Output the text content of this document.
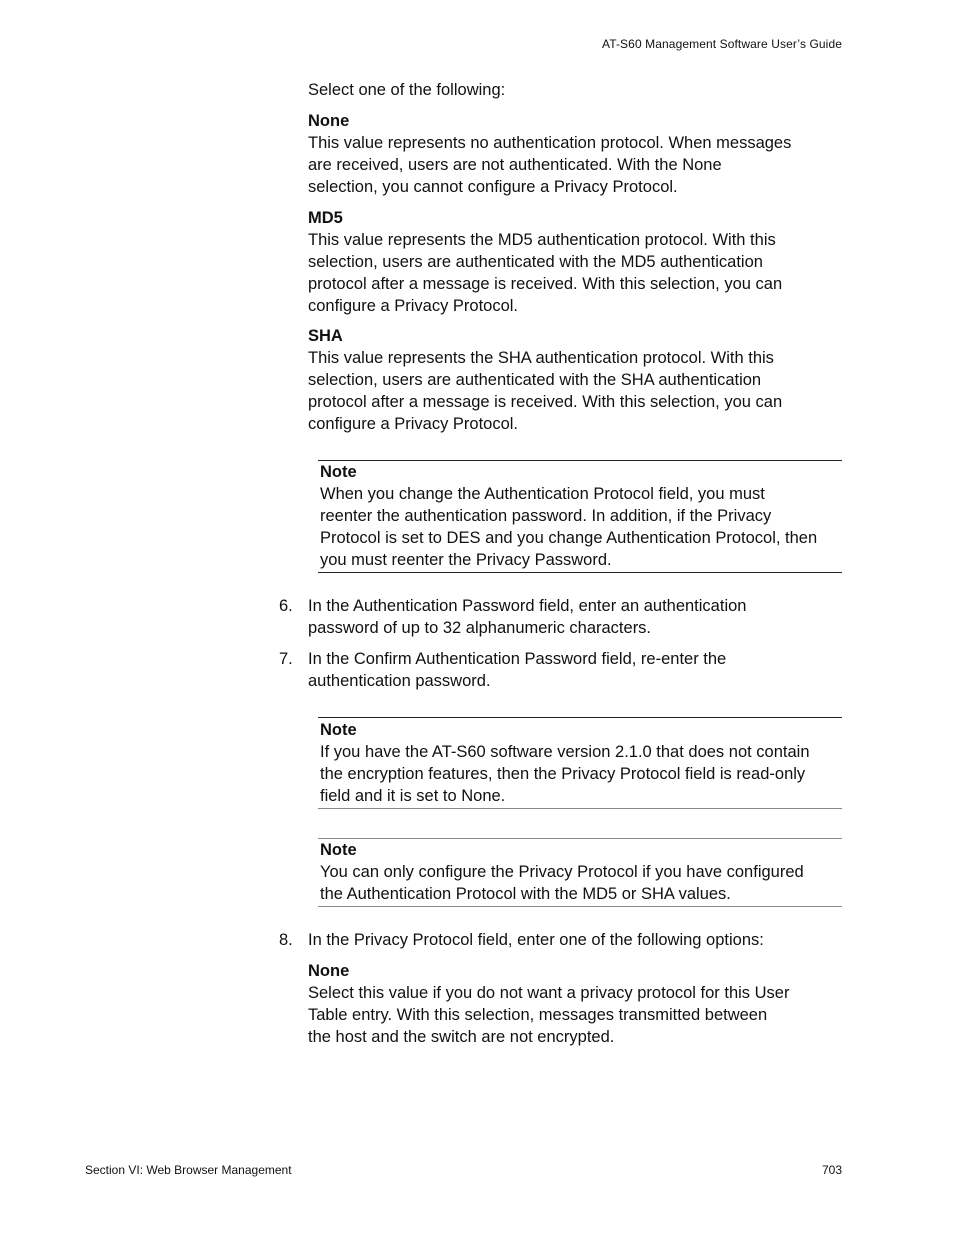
AT-S60 Management Software User’s Guide
Select one of the following:
None
This value represents no authentication protocol. When messages
are received, users are not authenticated. With the None
selection, you cannot configure a Privacy Protocol.
MD5
This value represents the MD5 authentication protocol. With this
selection, users are authenticated with the MD5 authentication
protocol after a message is received. With this selection, you can
configure a Privacy Protocol.
SHA
This value represents the SHA authentication protocol. With this
selection, users are authenticated with the SHA authentication
protocol after a message is received. With this selection, you can
configure a Privacy Protocol.
Note
When you change the Authentication Protocol field, you must
reenter the authentication password. In addition, if the Privacy
Protocol is set to DES and you change Authentication Protocol, then
you must reenter the Privacy Password.
6. In the Authentication Password field, enter an authentication
password of up to 32 alphanumeric characters.
7. In the Confirm Authentication Password field, re-enter the
authentication password.
Note
If you have the AT-S60 software version 2.1.0 that does not contain
the encryption features, then the Privacy Protocol field is read-only
field and it is set to None.
Note
You can only configure the Privacy Protocol if you have configured
the Authentication Protocol with the MD5 or SHA values.
8. In the Privacy Protocol field, enter one of the following options:
None
Select this value if you do not want a privacy protocol for this User
Table entry. With this selection, messages transmitted between
the host and the switch are not encrypted.
Section VI: Web Browser Management	703
